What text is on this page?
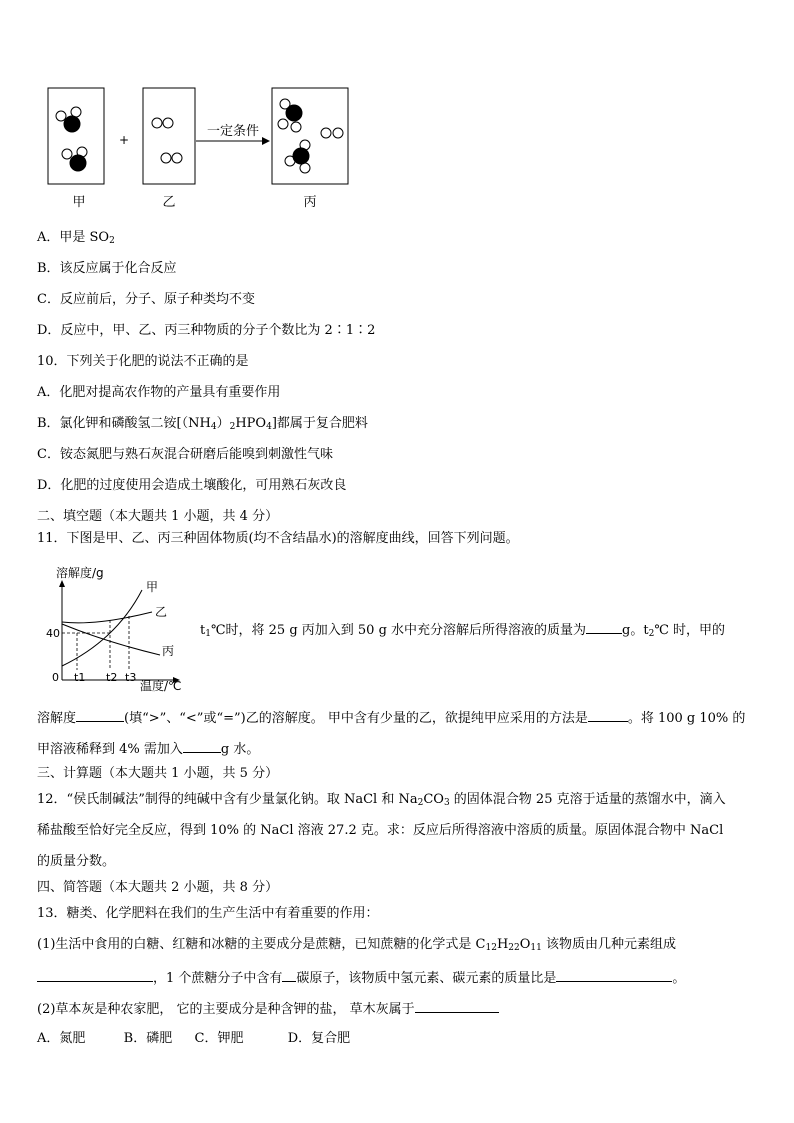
+
一定条件
甲	乙	丙
A．甲是 $SO_2$
B．该反应属于化合反应
C．反应前后，分子、原子种类均不变
D．反应中，甲、乙、丙三种物质的分子个数比为 2∶1∶2
10．下列关于化肥的说法不正确的是
A．化肥对提高农作物的产量具有重要作用
B．氯化钾和磷酸氢二铵$[(NH_4)_2HPO_4]$都属于复合肥料
C．铵态氮肥与熟石灰混合研磨后能嗅到刺激性气味
D．化肥的过度使用会造成土壤酸化，可用熟石灰改良
二、填空题（本大题共 1 小题，共 4 分）
11．下图是甲、乙、丙三种固体物质(均不含结晶水)的溶解度曲线，回答下列问题。
溶解度/g
温度/℃
0
40
t1 t2 t3
甲
乙
丙
$t_1℃$时，将 25 g 丙加入到 50 g 水中充分溶解后所得溶液的质量为	g。$t_2℃$ 时，甲的
溶解度	(填“>”、“<”或“=”)乙的溶解度。 甲中含有少量的乙，欲提纯甲应采用的方法是	。将 100 g 10% 的
甲溶液稀释到 4% 需加入	g 水。
三、计算题（本大题共 1 小题，共 5 分）
12．“侯氏制碱法”制得的纯碱中含有少量氯化钠。取 NaCl 和 $Na_2CO_3$ 的固体混合物 25 克溶于适量的蒸馏水中，滴入
稀盐酸至恰好完全反应，得到 10% 的 NaCl 溶液 27.2 克。求：反应后所得溶液中溶质的质量。原固体混合物中 NaCl
的质量分数。
四、简答题（本大题共 2 小题，共 8 分）
13．糖类、化学肥料在我们的生产生活中有着重要的作用：
(1)生活中食用的白糖、红糖和冰糖的主要成分是蔗糖，已知蔗糖的化学式是 $C_{12}H_{22}O_{11}$ 该物质由几种元素组成
，1 个蔗糖分子中含有 碳原子，该物质中氢元素、碳元素的质量比是	。
(2)草本灰是种农家肥， 它的主要成分是种含钾的盐， 草木灰属于
A．氮肥	B．磷肥 C．钾肥	D．复合肥
